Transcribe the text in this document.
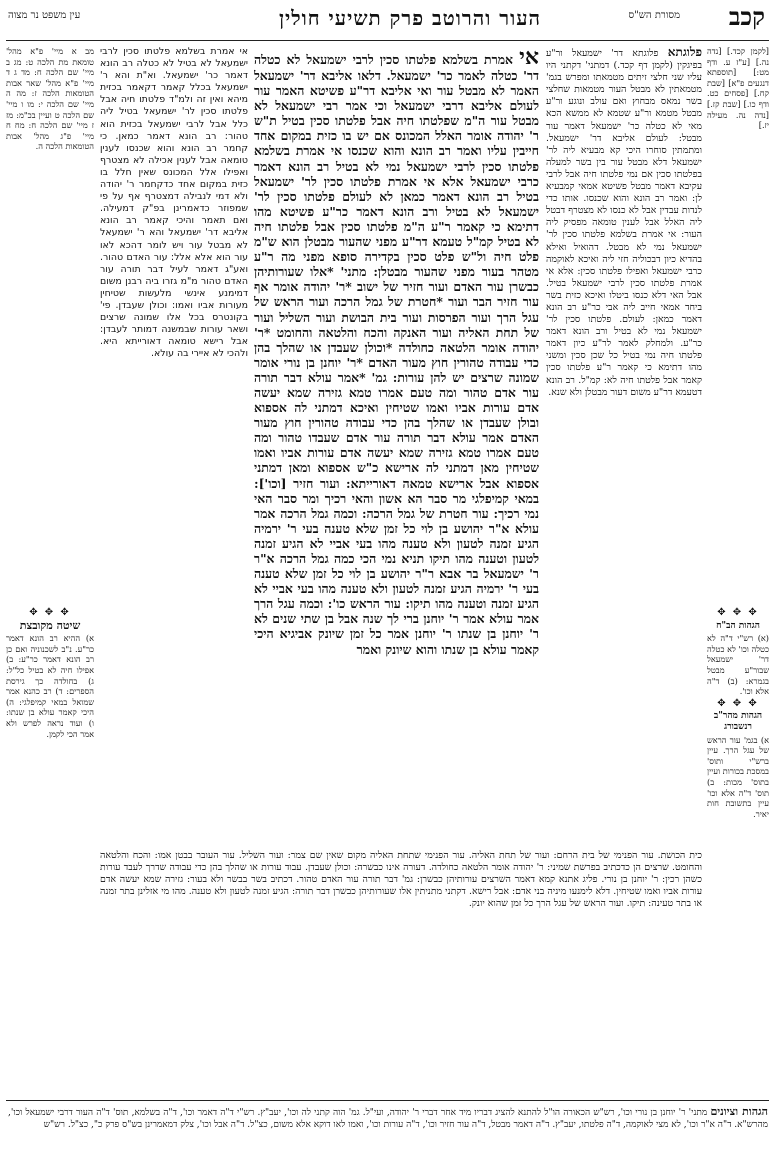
עין משפט נר מצוה	העור והרוטב פרק תשיעי חולין	מסורת הש"ס קכב

[לקמן קכד.] [נדה נה.] [ע"ז ע. ודף מט:] [תוספתא דנגעים פ"א] [שבת קח.] [פסחים כט. ודף כו.] [שבת קז.] [נדה נה. מעילה יז.]

✥ ✥ ✥
הגהות הב"ח

(א) רש"י ד"ה לא כטלה וכו' לא כטלה דר' ישמעאל שבור"ע מבטל בגמרא: (ב) ד"ה אלא וכו'.

✥ ✥ ✥
הגהות מהר"ב רנשבורג

א) בגמ' עור הראש של עגל הרך. עיין ברש"י ותוס' במסכת בכורות ועיין בתוס' מכות: ב) תוס' ד"ה אלא וכו' עיין בתשובת חות יאיר.

פלוגתא פלוגתא דר' ישמעאל ור"ע בפיגקין (לקמן דף קכד.) דמתני' דקתני היו עליו שני חלצי זיתים מטמאתו ומפרש בגמ' מטמאתין לא מבטל העור מטמאות שחלצי בשר נמאס מבחוץ ואם עולב ונוגע ור"ע מבטל מטמא ור"ע שטמא לא ממשא הכא מאי לא כטלה כר' ישמעאל דאמר עור מבטל: לעולם אליבא דר' ישמעאל. ומתמתין סוחרו היכי קא מבעיא ליה לר' ישמעאל דלא מבטל עור בין בשר למעלה בפלטתו סכין אם נמי פלטתו חיה אבל לרבי עקיבא דאמר מבטל פשיטא אמאי קמבעיא לן: ואמר רב הונא והוא שכנסו. אותו כדי לנדות עבדין אבל לא כנסו לא מצטרף דבטל ליה האלל אבל לענין טומאה מפסיק ליה העור: אי אמרת בשלמא פלטתו סכין לר' ישמעאל נמי לא מבטל. דהואיל ואילא בהדיא כיון דבכוליה חזי ליה ואיכא לאוקמה כרבי ישמעאל ואפילו פלטתו סכין: אלא אי אמרת פלטתו סכין לרבי ישמעאל בטיל. אבל האי דלא כנסו ביטלו ואיכא כזית בשר ביחד אמאי חייב ליה אבי כר"ע רב הונא דאמר כמאן: לעולם. פלטתו סכין לר' ישמעאל נמי לא בטיל ורב הונא דאמר כר"ע. ולמחלק לאמר לר"ע כיון דאמר פלטתו חיה נמי בטיל כל שכן סכין ומשני מהו דתימא כי קאמר ר"ע פלטתו סכין קאמר אבל פלטתו חיה לא: קמ"ל. רב הונא דטעמא דר"ע משום דעור מבטלן ולא שנא.

אי אמרת בשלמא פלטתו סכין לרבי ישמעאל לא כטלה דר' כטלה לאמר כר' ישמעאל. דלאו אליבא דר' ישמעאל האמר לא מבטל עור ואי אליבא דר"ע פשיטא האמר עור לעולם אליבא דרבי ישמעאל וכי אמר רבי ישמעאל לא מבטל עור ה"מ שפלטתו חיה אבל פלטתו סכין בטיל ת"ש ר' יהודה אומר האלל המכונס אם יש בו כזית במקום אחד חייבין עליו ואמר רב הונא והוא שכנסו אי אמרת בשלמא פלטתו סכין לרבי ישמעאל נמי לא בטיל רב הונא דאמר כרבי ישמעאל אלא אי אמרת פלטתו סכין לר' ישמעאל בטיל רב הונא דאמר כמאן לא לעולם פלטתו סכין לר' ישמעאל לא בטיל ורב הונא דאמר כר"ע פשיטא מהו דתימא כי קאמר ר"ע ה"מ פלטתו סכין אבל פלטתו חיה לא בטיל קמ"ל טעמא דר"ע מפני שהעור מבטלן הוא ש"מ פלט חיה ול"ש פלט סכין בקדירה סופא מפני מה ר"ע מטהר בעור מפני שהעור מבטלן: מתני' *אלו שעורותיהן כבשרן עור האדם ועור חזיר של ישוב *ר' יהודה אומר אף עור חזיר הבר ועור *חטרת של גמל הרכה ועור הראש של עגל הרך ועור הפרסות ועור בית הבושת ועור השליל ועור של תחת האליה ועור האנקה והכח והלטאה והחומט *ר' יהודה אומר הלטאה כחולדה *וכולן שעבדן או שהלך בהן כדי עבודה טהורין חוץ מעור האדם *ר' יוחנן בן נורי אומר שמונה שרצים יש להן עורות: גמ' *אמר עולא דבר תורה עור אדם טהור ומה טעם אמרו טמא גזירה שמא יעשה אדם עורות אביו ואמו שטיחין ואיכא דמתני לה אספוא ובולן שעבדן או שהלך בהן כדי עבודה טהורין חוץ מעור האדם אמר עולא דבר תורה עור אדם שעבדו טהור ומה טעם אמרו טמא גזירה שמא יעשה אדם עורות אביו ואמו שטיחין מאן דמתני לה ארישא כ"ש אספוא ומאן דמתני אספוא אבל ארישא טמאה דאורייתא: ועור חזיר [וכו']: במאי קמיפלגי מר סבר הא אשון והאי רכיך ומר סבר האי נמי רכיך: עור חטרת של גמל הרכה: וכמה גמל הרכה אמר עולא א"ר יהושע בן לוי כל זמן שלא טענה בעי ר' ירמיה הגיע זמנה לטעון ולא טענה מהו בעי אביי לא הגיע זמנה לטעון וטענה מהו תיקו תניא נמי הכי כמה גמל הרכה א"ר ר' ישמעאל בר אבא ר"ר יהושע בן לוי כל זמן שלא טענה בעי ר' ירמיה הגיע זמנה לטעון ולא טענה מהו בעי אביי לא הגיע זמנה וטענה מהו תיקו: עור הראש כו': וכמה עגל הרך אמר עולא אמר ר' יוחנן ברי לך שנה אבל בן שתי שנים לא ר' יוחנן בן שנתו ר' יוחנן אמר כל זמן שיונק אביגיא היכי קאמר עולא בן שנתו והוא שיונק ואמר

אי אמרת בשלמא פלטתו סכין לרבי ישמעאל לא בטיל לא כטלה רב הונא דאמר כר' ישמעאל. וא"ת והא ר' ישמעאל בכלל קאמר דקאמר בכזית מיהא ואין זה ולמ"ד פלטתו חיה אבל פלטתו סכין לר' ישמעאל בטיל ליה כלל אבל לרבי ישמעאל בכזית הוא טהור: רב הונא דאמר כמאן. כי קחמר רב הונא והוא שכנסו לענין טומאה אבל לענין אכילה לא מצטרף ואפילו אלל המכונס שאין חלל בו כזית במקום אחד כדקחמר ר' יהודה ולא דמי לנבילה דמצטרף אף על פי שמפוזר כדאמרינן בפ"ק דמעילה. ואם תאמר והיכי קאמר רב הונא אליבא דר' ישמעאל והא ר' ישמעאל לא מבטל עור ויש לומר דהכא לאו עור הוא אלא אלל: עור האדם טהור. ואע"ג דאמר לעיל דבר תורה עור האדם טהור מ"מ גזרו ביה רבנן משום דמימנע אינשי מלעשות שטיחין מעורות אביו ואמו: וכולן שעבדן. פי' בקונטרס בכל אלו שמונה שרצים ושאר עורות שבמשנה דמותר לעבדן: אבל רישא טומאה דאורייתא היא. ולהכי לא איירי בה עולא.

מב א מיי' פ"א מהל' טומאת מת הלכה ט: מג ב מיי' שם הלכה ח: מד ג ד מיי' פ"א מהל' שאר אבות הטומאות הלכה ז: מה ה מיי' שם הלכה י: מו ו מיי' שם הלכה ט ועיין בכ"מ: מז ז מיי' שם הלכה ח: מח ח מיי' פ"ג מהל' אבות הטומאות הלכה ה.

✥ ✥ ✥
שיטה מקובצת

א) ההיא רב הונא דאמר כר"ע. נ"ב לשכנוניה ואם כן רב הונא דאמר כר"ע: ב) אפילו חיה לא בטיל כל"ל: ג) בחולדה כך גירסת הספרים: ד) רב כהנא אמר שמואל במאי קמיפלגי: ה) היכי קאמר עולא בן שנתו: ו) ועוד נראה לפרש ולא אמר הכי לקמן.

כית הכושת. עור הפנימי של בית הרחם: ועור של תחת האליה. עור הפנימי שתחת האליה מקום שאין שם צמר: ועור השליל. עור העובר בבטן אמו: והכח והלטאה והחומט. שרצים הן כדכתיב בפרשת שמיני: ר' יהודה אומר הלטאה כחולדה. דעורה אינו כבשרה: וכולן שעבדן. עבוד עורות או שהלך בהן כדי עבודה שדרך לעבד עורות כשהן רכין: ר' יוחנן בן נורי. פליג אתנא קמא דאמר השרצים עורותיהן כבשרן: גמ' דבר תורה עור האדם טהור. דכתיב בשר בבשר ולא בעור: גזירה שמא יעשה אדם עורות אביו ואמו שטיחין. דלא לימנעו מיניה בני אדם: אבל רישא. דקתני מתניתין אלו שעורותיהן כבשרן דבר תורה: הגיע זמנה לטעון ולא טענה. מהו מי אזלינן בתר זמנה או בתר טעינה: תיקו. ועור הראש של עגל הרך כל זמן שהוא יונק.

הגהות וציונים מתני' ר' יוחנן בן נורי וכו', רש"ש הכאורה הו"ל להתנא להציג דבריו מיד אחר דברי ר' יהודה, ועי"ל. גמ' הוה קתני לה וכו', יעב"ץ. רש"י ד"ה דאמר וכו', ד"ה בשלמא, תוס' ד"ה העור דרבי ישמעאל וכו', מהרש"א. ד"ה א"ר וכו', לא מצי לאוקמה, ד"ה פלטתו, יעב"ץ. ד"ה דאמר מבטל, ד"ה עור חזיר וכו', ד"ה עורות וכו', ואמו לאו דוקא אלא משום, כצ"ל. ד"ה אבל וכו', צלק דמאמרינן בש"ס פרק כ", כצ"ל. רש"ש
